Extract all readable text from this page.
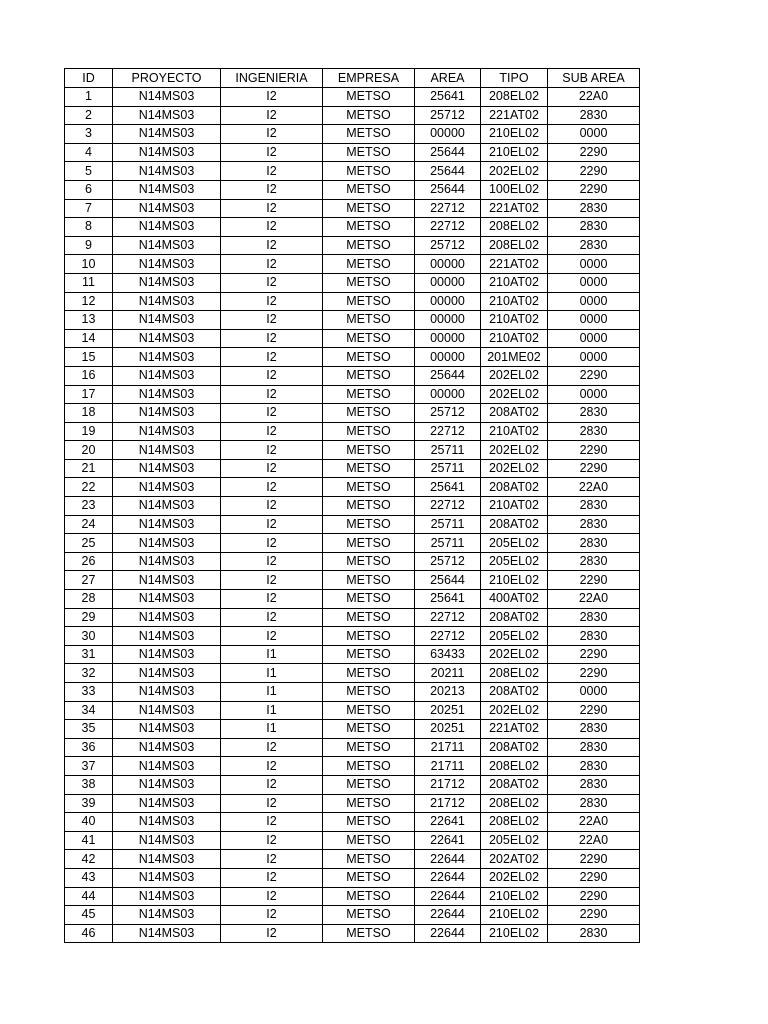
ID	PROYECTO	INGENIERIA	EMPRESA	AREA	TIPO	SUB AREA
1	N14MS03	I2	METSO	25641	208EL02	22A0
2	N14MS03	I2	METSO	25712	221AT02	2830
3	N14MS03	I2	METSO	00000	210EL02	0000
4	N14MS03	I2	METSO	25644	210EL02	2290
5	N14MS03	I2	METSO	25644	202EL02	2290
6	N14MS03	I2	METSO	25644	100EL02	2290
7	N14MS03	I2	METSO	22712	221AT02	2830
8	N14MS03	I2	METSO	22712	208EL02	2830
9	N14MS03	I2	METSO	25712	208EL02	2830
10	N14MS03	I2	METSO	00000	221AT02	0000
11	N14MS03	I2	METSO	00000	210AT02	0000
12	N14MS03	I2	METSO	00000	210AT02	0000
13	N14MS03	I2	METSO	00000	210AT02	0000
14	N14MS03	I2	METSO	00000	210AT02	0000
15	N14MS03	I2	METSO	00000	201ME02	0000
16	N14MS03	I2	METSO	25644	202EL02	2290
17	N14MS03	I2	METSO	00000	202EL02	0000
18	N14MS03	I2	METSO	25712	208AT02	2830
19	N14MS03	I2	METSO	22712	210AT02	2830
20	N14MS03	I2	METSO	25711	202EL02	2290
21	N14MS03	I2	METSO	25711	202EL02	2290
22	N14MS03	I2	METSO	25641	208AT02	22A0
23	N14MS03	I2	METSO	22712	210AT02	2830
24	N14MS03	I2	METSO	25711	208AT02	2830
25	N14MS03	I2	METSO	25711	205EL02	2830
26	N14MS03	I2	METSO	25712	205EL02	2830
27	N14MS03	I2	METSO	25644	210EL02	2290
28	N14MS03	I2	METSO	25641	400AT02	22A0
29	N14MS03	I2	METSO	22712	208AT02	2830
30	N14MS03	I2	METSO	22712	205EL02	2830
31	N14MS03	I1	METSO	63433	202EL02	2290
32	N14MS03	I1	METSO	20211	208EL02	2290
33	N14MS03	I1	METSO	20213	208AT02	0000
34	N14MS03	I1	METSO	20251	202EL02	2290
35	N14MS03	I1	METSO	20251	221AT02	2830
36	N14MS03	I2	METSO	21711	208AT02	2830
37	N14MS03	I2	METSO	21711	208EL02	2830
38	N14MS03	I2	METSO	21712	208AT02	2830
39	N14MS03	I2	METSO	21712	208EL02	2830
40	N14MS03	I2	METSO	22641	208EL02	22A0
41	N14MS03	I2	METSO	22641	205EL02	22A0
42	N14MS03	I2	METSO	22644	202AT02	2290
43	N14MS03	I2	METSO	22644	202EL02	2290
44	N14MS03	I2	METSO	22644	210EL02	2290
45	N14MS03	I2	METSO	22644	210EL02	2290
46	N14MS03	I2	METSO	22644	210EL02	2830
